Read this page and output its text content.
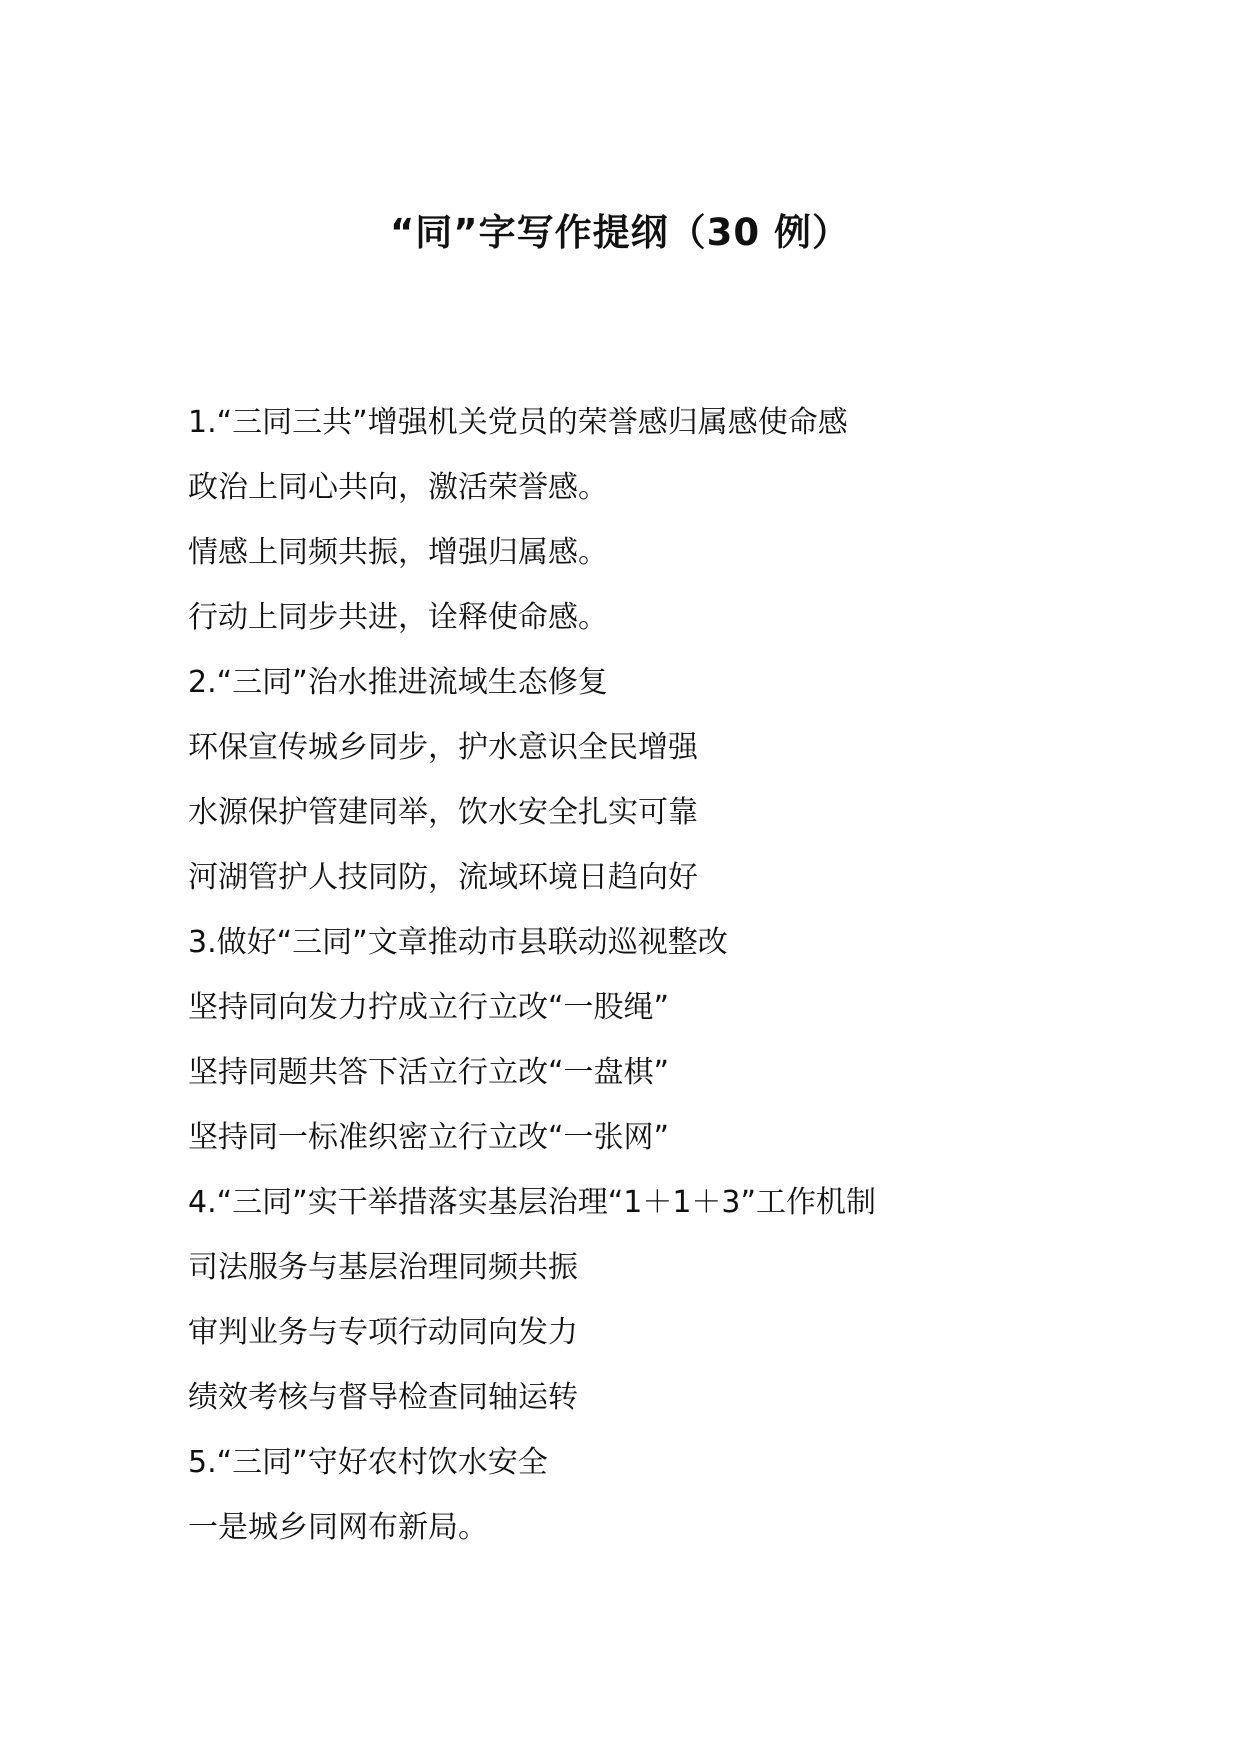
“同”字写作提纲（30 例）
1.“三同三共”增强机关党员的荣誉感归属感使命感
政治上同心共向，激活荣誉感。
情感上同频共振，增强归属感。
行动上同步共进，诠释使命感。
2.“三同”治水推进流域生态修复
环保宣传城乡同步，护水意识全民增强
水源保护管建同举，饮水安全扎实可靠
河湖管护人技同防，流域环境日趋向好
3.做好“三同”文章推动市县联动巡视整改
坚持同向发力拧成立行立改“一股绳”
坚持同题共答下活立行立改“一盘棋”
坚持同一标准织密立行立改“一张网”
4.“三同”实干举措落实基层治理“1＋1＋3”工作机制
司法服务与基层治理同频共振
审判业务与专项行动同向发力
绩效考核与督导检查同轴运转
5.“三同”守好农村饮水安全
一是城乡同网布新局。
